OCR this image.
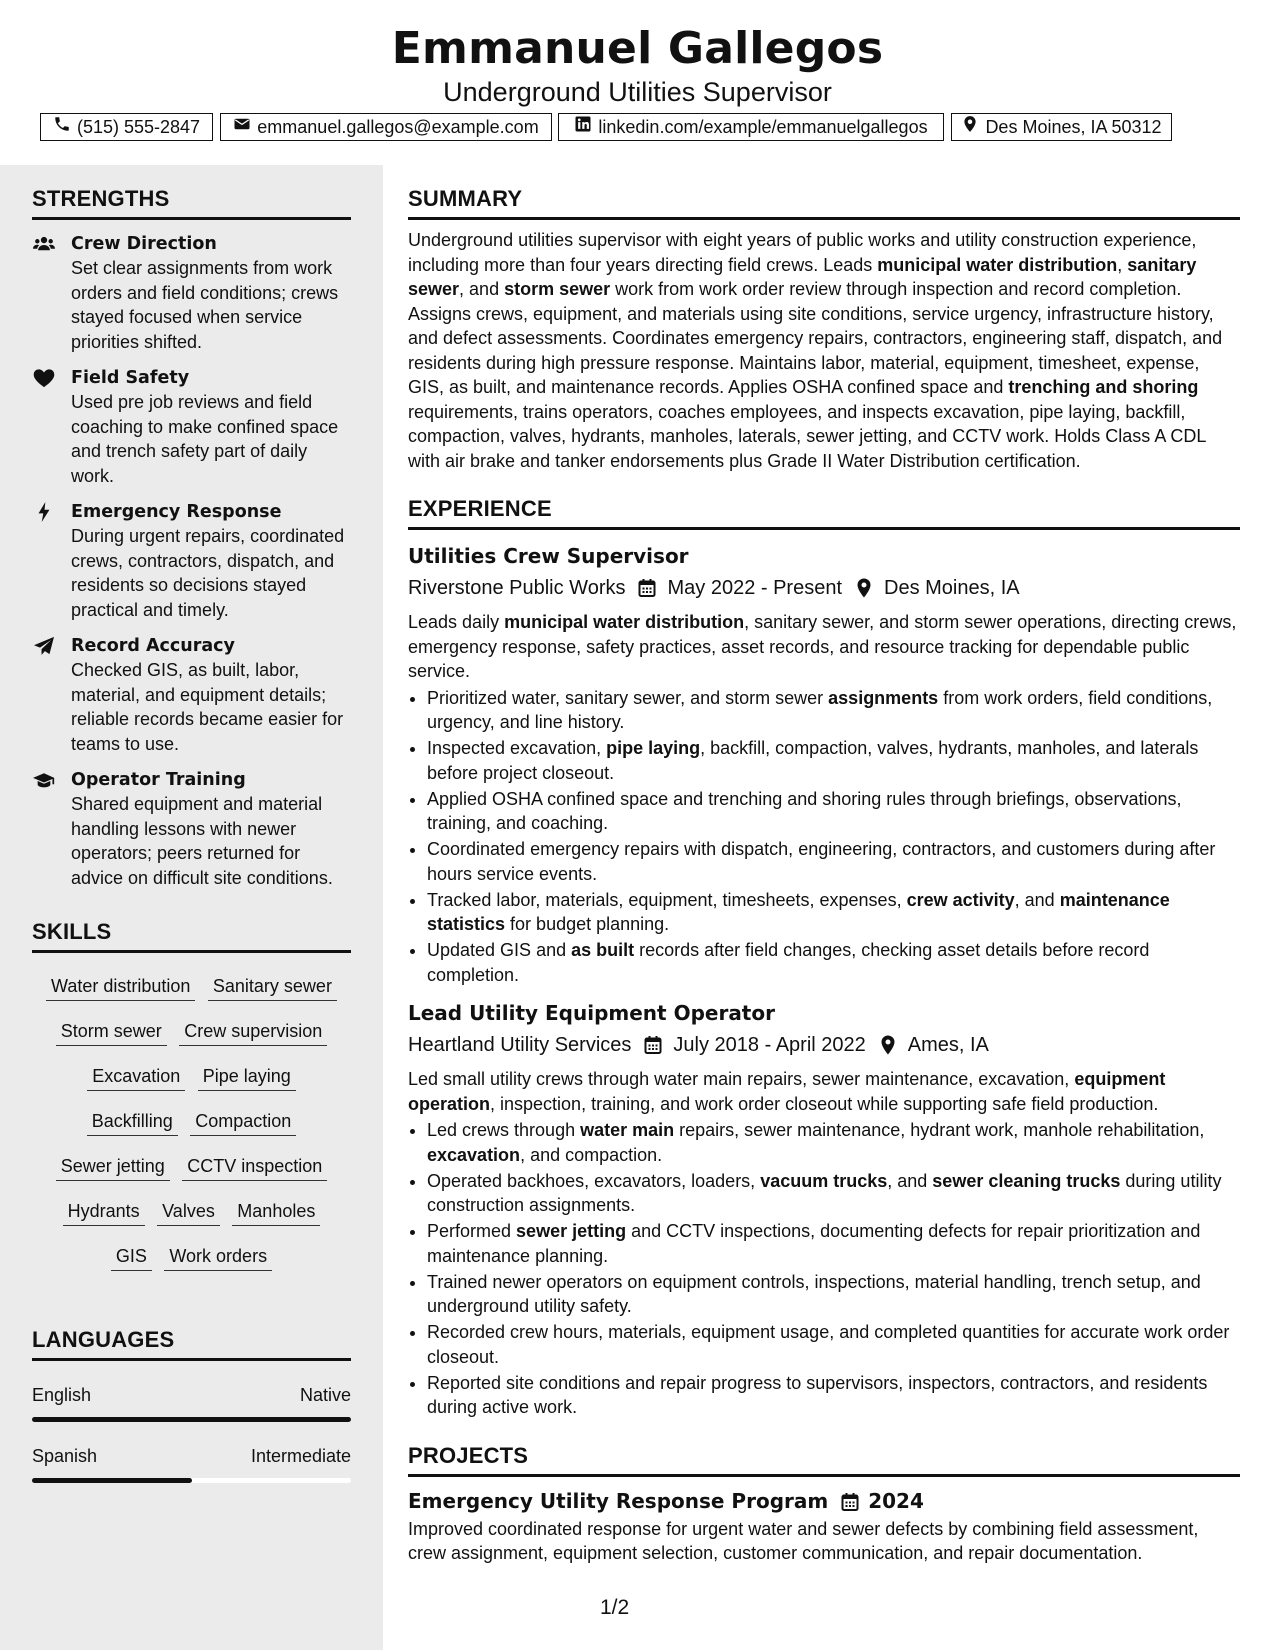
Emmanuel Gallegos
Underground Utilities Supervisor
(515) 555-2847	emmanuel.gallegos@example.com	linkedin.com/example/emmanuelgallegos	Des Moines, IA 50312
STRENGTHS
Crew Direction
Set clear assignments from work orders and field conditions; crews stayed focused when service priorities shifted.
Field Safety
Used pre job reviews and field coaching to make confined space and trench safety part of daily work.
Emergency Response
During urgent repairs, coordinated crews, contractors, dispatch, and residents so decisions stayed practical and timely.
Record Accuracy
Checked GIS, as built, labor, material, and equipment details; reliable records became easier for teams to use.
Operator Training
Shared equipment and material handling lessons with newer operators; peers returned for advice on difficult site conditions.
SKILLS
Water distribution Sanitary sewer Storm sewer Crew supervision Excavation Pipe laying Backfilling Compaction Sewer jetting CCTV inspection Hydrants Valves Manholes GIS Work orders
LANGUAGES
English	Native
Spanish	Intermediate
SUMMARY
Underground utilities supervisor with eight years of public works and utility construction experience, including more than four years directing field crews. Leads municipal water distribution, sanitary sewer, and storm sewer work from work order review through inspection and record completion. Assigns crews, equipment, and materials using site conditions, service urgency, infrastructure history, and defect assessments. Coordinates emergency repairs, contractors, engineering staff, dispatch, and residents during high pressure response. Maintains labor, material, equipment, timesheet, expense, GIS, as built, and maintenance records. Applies OSHA confined space and trenching and shoring requirements, trains operators, coaches employees, and inspects excavation, pipe laying, backfill, compaction, valves, hydrants, manholes, laterals, sewer jetting, and CCTV work. Holds Class A CDL with air brake and tanker endorsements plus Grade II Water Distribution certification.
EXPERIENCE
Utilities Crew Supervisor
Riverstone Public Works May 2022 - Present Des Moines, IA
Leads daily municipal water distribution, sanitary sewer, and storm sewer operations, directing crews, emergency response, safety practices, asset records, and resource tracking for dependable public service.
• Prioritized water, sanitary sewer, and storm sewer assignments from work orders, field conditions, urgency, and line history.
• Inspected excavation, pipe laying, backfill, compaction, valves, hydrants, manholes, and laterals before project closeout.
• Applied OSHA confined space and trenching and shoring rules through briefings, observations, training, and coaching.
• Coordinated emergency repairs with dispatch, engineering, contractors, and customers during after hours service events.
• Tracked labor, materials, equipment, timesheets, expenses, crew activity, and maintenance statistics for budget planning.
• Updated GIS and as built records after field changes, checking asset details before record completion.
Lead Utility Equipment Operator
Heartland Utility Services July 2018 - April 2022 Ames, IA
Led small utility crews through water main repairs, sewer maintenance, excavation, equipment operation, inspection, training, and work order closeout while supporting safe field production.
• Led crews through water main repairs, sewer maintenance, hydrant work, manhole rehabilitation, excavation, and compaction.
• Operated backhoes, excavators, loaders, vacuum trucks, and sewer cleaning trucks during utility construction assignments.
• Performed sewer jetting and CCTV inspections, documenting defects for repair prioritization and maintenance planning.
• Trained newer operators on equipment controls, inspections, material handling, trench setup, and underground utility safety.
• Recorded crew hours, materials, equipment usage, and completed quantities for accurate work order closeout.
• Reported site conditions and repair progress to supervisors, inspectors, contractors, and residents during active work.
PROJECTS
Emergency Utility Response Program 2024
Improved coordinated response for urgent water and sewer defects by combining field assessment, crew assignment, equipment selection, customer communication, and repair documentation.
1/2
